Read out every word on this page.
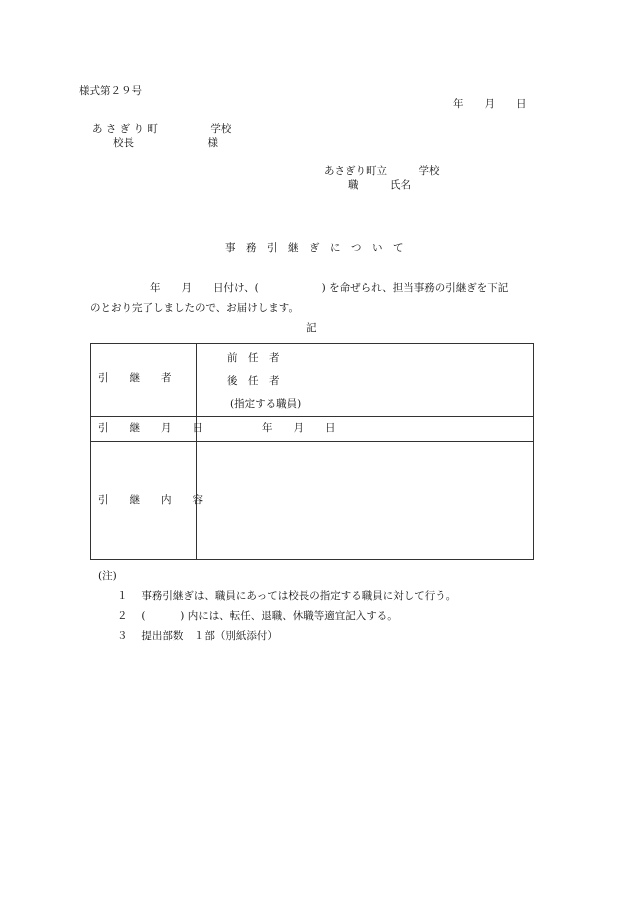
様式第２９号
年　　月　　日
あ さ ぎ り 町　　　　　学校
校長　　　　　　　様
あさぎり町立　　　学校
職　　　氏名
事　務　引　継　ぎ　に　つ　い　て
年　　月　　日付け、(　　　　　　) を命ぜられ、担当事務の引継ぎを下記
のとおり完了しましたので、お届けします。
記
引　　継　　者	前　任　者
後　任　者
(指定する職員)

引　　継　　月　　日	年　　月　　日

引　　継　　内　　容	

(注)
１　 事務引継ぎは、職員にあっては校長の指定する職員に対して行う。
２　 (　　　 ) 内には、転任、退職、休職等適宜記入する。
３　 提出部数　１部（別紙添付）
